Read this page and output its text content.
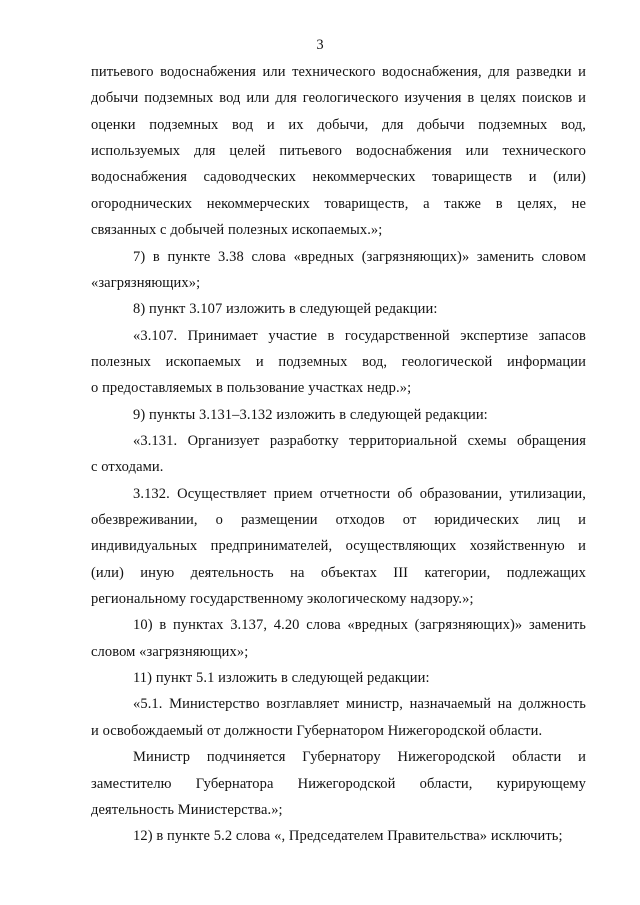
3
питьевого водоснабжения или технического водоснабжения, для разведки и
добычи подземных вод или для геологического изучения в целях поисков и
оценки подземных вод и их добычи, для добычи подземных вод,
используемых для целей питьевого водоснабжения или технического
водоснабжения садоводческих некоммерческих товариществ и (или)
огороднических некоммерческих товариществ, а также в целях, не
связанных с добычей полезных ископаемых.»;
7) в пункте 3.38 слова «вредных (загрязняющих)» заменить словом
«загрязняющих»;
8) пункт 3.107 изложить в следующей редакции:
«3.107. Принимает участие в государственной экспертизе запасов
полезных ископаемых и подземных вод, геологической информации
о предоставляемых в пользование участках недр.»;
9) пункты 3.131–3.132 изложить в следующей редакции:
«3.131. Организует разработку территориальной схемы обращения
с отходами.
3.132. Осуществляет прием отчетности об образовании, утилизации,
обезвреживании, о размещении отходов от юридических лиц и
индивидуальных предпринимателей, осуществляющих хозяйственную и
(или) иную деятельность на объектах III категории, подлежащих
региональному государственному экологическому надзору.»;
10) в пунктах 3.137, 4.20 слова «вредных (загрязняющих)» заменить
словом «загрязняющих»;
11) пункт 5.1 изложить в следующей редакции:
«5.1. Министерство возглавляет министр, назначаемый на должность
и освобождаемый от должности Губернатором Нижегородской области.
Министр подчиняется Губернатору Нижегородской области и
заместителю Губернатора Нижегородской области, курирующему
деятельность Министерства.»;
12) в пункте 5.2 слова «, Председателем Правительства» исключить;
